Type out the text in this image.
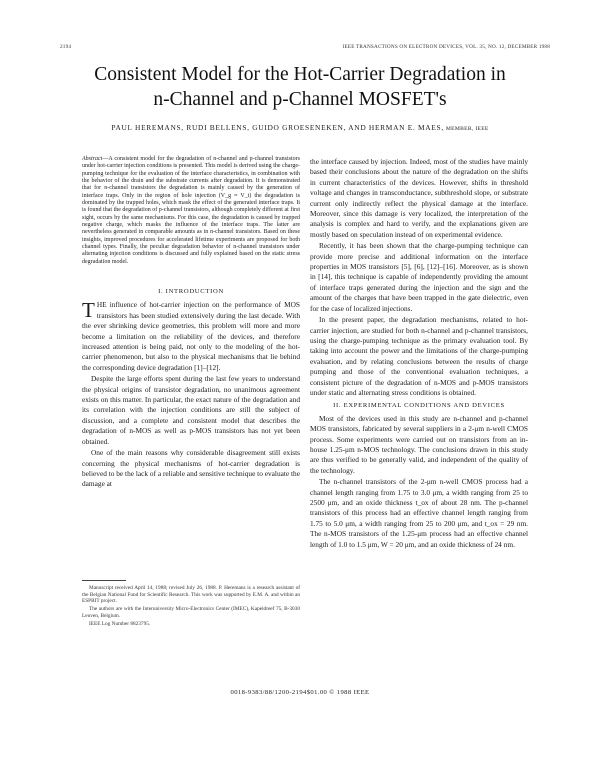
2194	IEEE TRANSACTIONS ON ELECTRON DEVICES, VOL. 35, NO. 12, DECEMBER 1988
Consistent Model for the Hot-Carrier Degradation in
n-Channel and p-Channel MOSFET's
PAUL HEREMANS, RUDI BELLENS, GUIDO GROESENEKEN, AND HERMAN E. MAES, MEMBER, IEEE
Abstract—A consistent model for the degradation of n-channel and p-channel transistors under hot-carrier injection conditions is presented. This model is derived using the charge-pumping technique for the evaluation of the interface characteristics, in combination with the behavior of the drain and the substrate currents after degradation. It is demonstrated that for n-channel transistors the degradation is mainly caused by the generation of interface traps. Only in the region of hole injection (V_g ≈ V_t) the degradation is dominated by the trapped holes, which mask the effect of the generated interface traps. It is found that the degradation of p-channel transistors, although completely different at first sight, occurs by the same mechanisms. For this case, the degradation is caused by trapped negative charge, which masks the influence of the interface traps. The latter are nevertheless generated in comparable amounts as in n-channel transistors. Based on these insights, improved procedures for accelerated lifetime experiments are proposed for both channel types. Finally, the peculiar degradation behavior of n-channel transistors under alternating injection conditions is discussed and fully explained based on the static stress degradation model.
I. INTRODUCTION

THE influence of hot-carrier injection on the performance of MOS transistors has been studied extensively during the last decade. With the ever shrinking device geometries, this problem will more and more become a limitation on the reliability of the devices, and therefore increased attention is being paid, not only to the modeling of the hot-carrier phenomenon, but also to the physical mechanisms that lie behind the corresponding device degradation [1]–[12].

Despite the large efforts spent during the last few years to understand the physical origins of transistor degradation, no unanimous agreement exists on this matter. In particular, the exact nature of the degradation and its correlation with the injection conditions are still the subject of discussion, and a complete and consistent model that describes the degradation of n-MOS as well as p-MOS transistors has not yet been obtained.

One of the main reasons why considerable disagreement still exists concerning the physical mechanisms of hot-carrier degradation is believed to be the lack of a reliable and sensitive technique to evaluate the damage at

Manuscript received April 14, 1988; revised July 26, 1988. P. Heremans is a research assistant of the Belgian National Fund for Scientific Research. This work was supported by E.M. A. and within an ESPRIT project.

The authors are with the Interuniversity Micro-Electronics Center (IMEC), Kapeldreef 75, B-3030 Leuven, Belgium.

IEEE Log Number 8823795.

the interface caused by injection. Indeed, most of the studies have mainly based their conclusions about the nature of the degradation on the shifts in current characteristics of the devices. However, shifts in threshold voltage and changes in transconductance, subthreshold slope, or substrate current only indirectly reflect the physical damage at the interface. Moreover, since this damage is very localized, the interpretation of the analysis is complex and hard to verify, and the explanations given are mostly based on speculation instead of on experimental evidence.

Recently, it has been shown that the charge-pumping technique can provide more precise and additional information on the interface properties in MOS transistors [5], [6], [12]–[16]. Moreover, as is shown in [14], this technique is capable of independently providing the amount of interface traps generated during the injection and the sign and the amount of the charges that have been trapped in the gate dielectric, even for the case of localized injections.

In the present paper, the degradation mechanisms, related to hot-carrier injection, are studied for both n-channel and p-channel transistors, using the charge-pumping technique as the primary evaluation tool. By taking into account the power and the limitations of the charge-pumping evaluation, and by relating conclusions between the results of charge pumping and those of the conventional evaluation techniques, a consistent picture of the degradation of n-MOS and p-MOS transistors under static and alternating stress conditions is obtained.

II. EXPERIMENTAL CONDITIONS AND DEVICES

Most of the devices used in this study are n-channel and p-channel MOS transistors, fabricated by several suppliers in a 2-μm n-well CMOS process. Some experiments were carried out on transistors from an in-house 1.25-μm n-MOS technology. The conclusions drawn in this study are thus verified to be generally valid, and independent of the quality of the technology.

The n-channel transistors of the 2-μm n-well CMOS process had a channel length ranging from 1.75 to 3.0 μm, a width ranging from 25 to 2500 μm, and an oxide thickness t_ox of about 28 nm. The p-channel transistors of this process had an effective channel length ranging from 1.75 to 5.0 μm, a width ranging from 25 to 200 μm, and t_ox = 29 nm. The n-MOS transistors of the 1.25-μm process had an effective channel length of 1.0 to 1.5 μm, W = 20 μm, and an oxide thickness of 24 nm.

0018-9383/88/1200-2194$01.00 © 1988 IEEE
